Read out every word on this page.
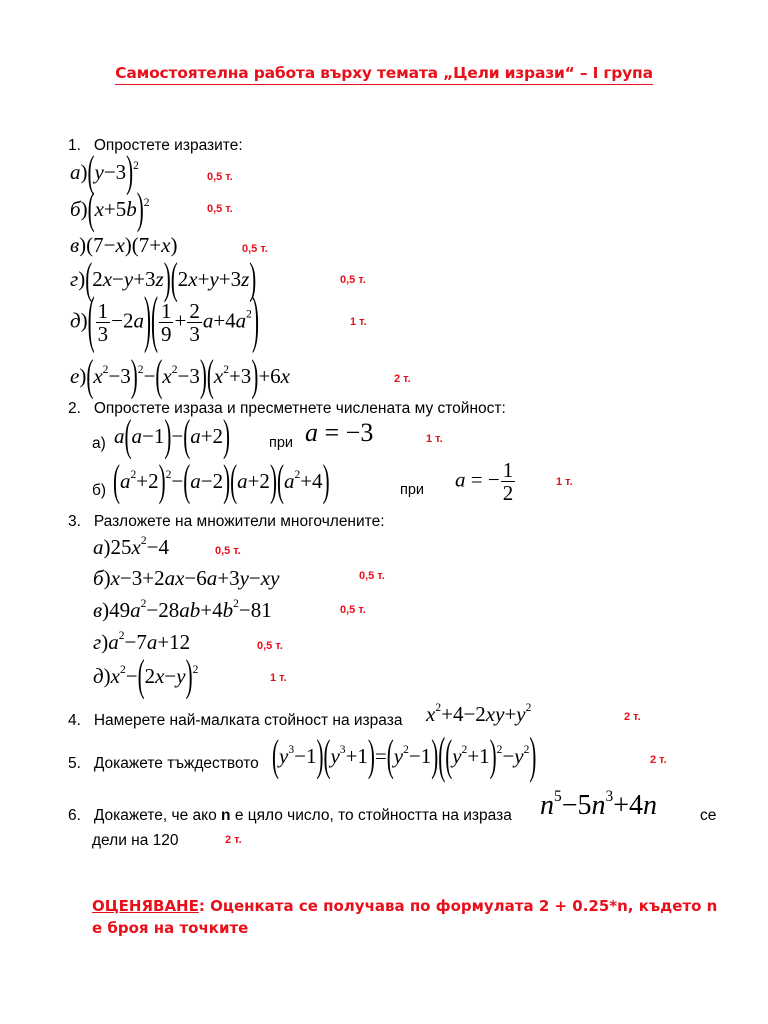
Самостоятелна работа върху темата „Цели изрази“ – I група
1. Опростете изразите:
$а)(y-3)^2$
0,5 т.
$б)(x+5b)^2$	0,5 т.
в)(7−x)(7+x)	0,5 т.
г)(2x−y+3z)(2x+y+3z)	0,5 т.
$д)( \frac{1}{3} -2a)( \frac{1}{9} + \frac{2}{3} a+4a^2)$	1 т.
$е)(x^2-3)^2-(x^2-3)(x^2+3)+6x$	2 т.
2. Опростете израза и пресметнете числената му стойност:
а) a(a−1)−(a+2)	при a = −3	1 т.
б) $(a^2+2)^2-(a-2)(a+2)(a^2+4)$	при a = − $\frac{1}{2}$	1 т.
3. Разложете на множители многочлените:
$а)25x^2-4$	0,5 т.
б)x−3+2ax−6a+3y−xy	0,5 т.
$в)49a^2-28ab+4b^2-81$	0,5 т.
$г)a^2-7a+12$	0,5 т.
$д)x^2-(2x-y)^2$
1 т.
4. Намерете най-малката стойност на израза $x^2+4-2xy+y^2$
2 т.
5. Докажете тъждеството $(y^3-1)(y^3+1)=(y^2-1)((y^2+1)^2-y^2)$	2 т.
6. Докажете, че ако n е цяло число, то стойността на израза $n^5-5n^3+4n$	се
дели на 120	2 т.
ОЦЕНЯВАНЕ: Оценката се получава по формулата 2 + 0.25*n, където n е броя на точките
